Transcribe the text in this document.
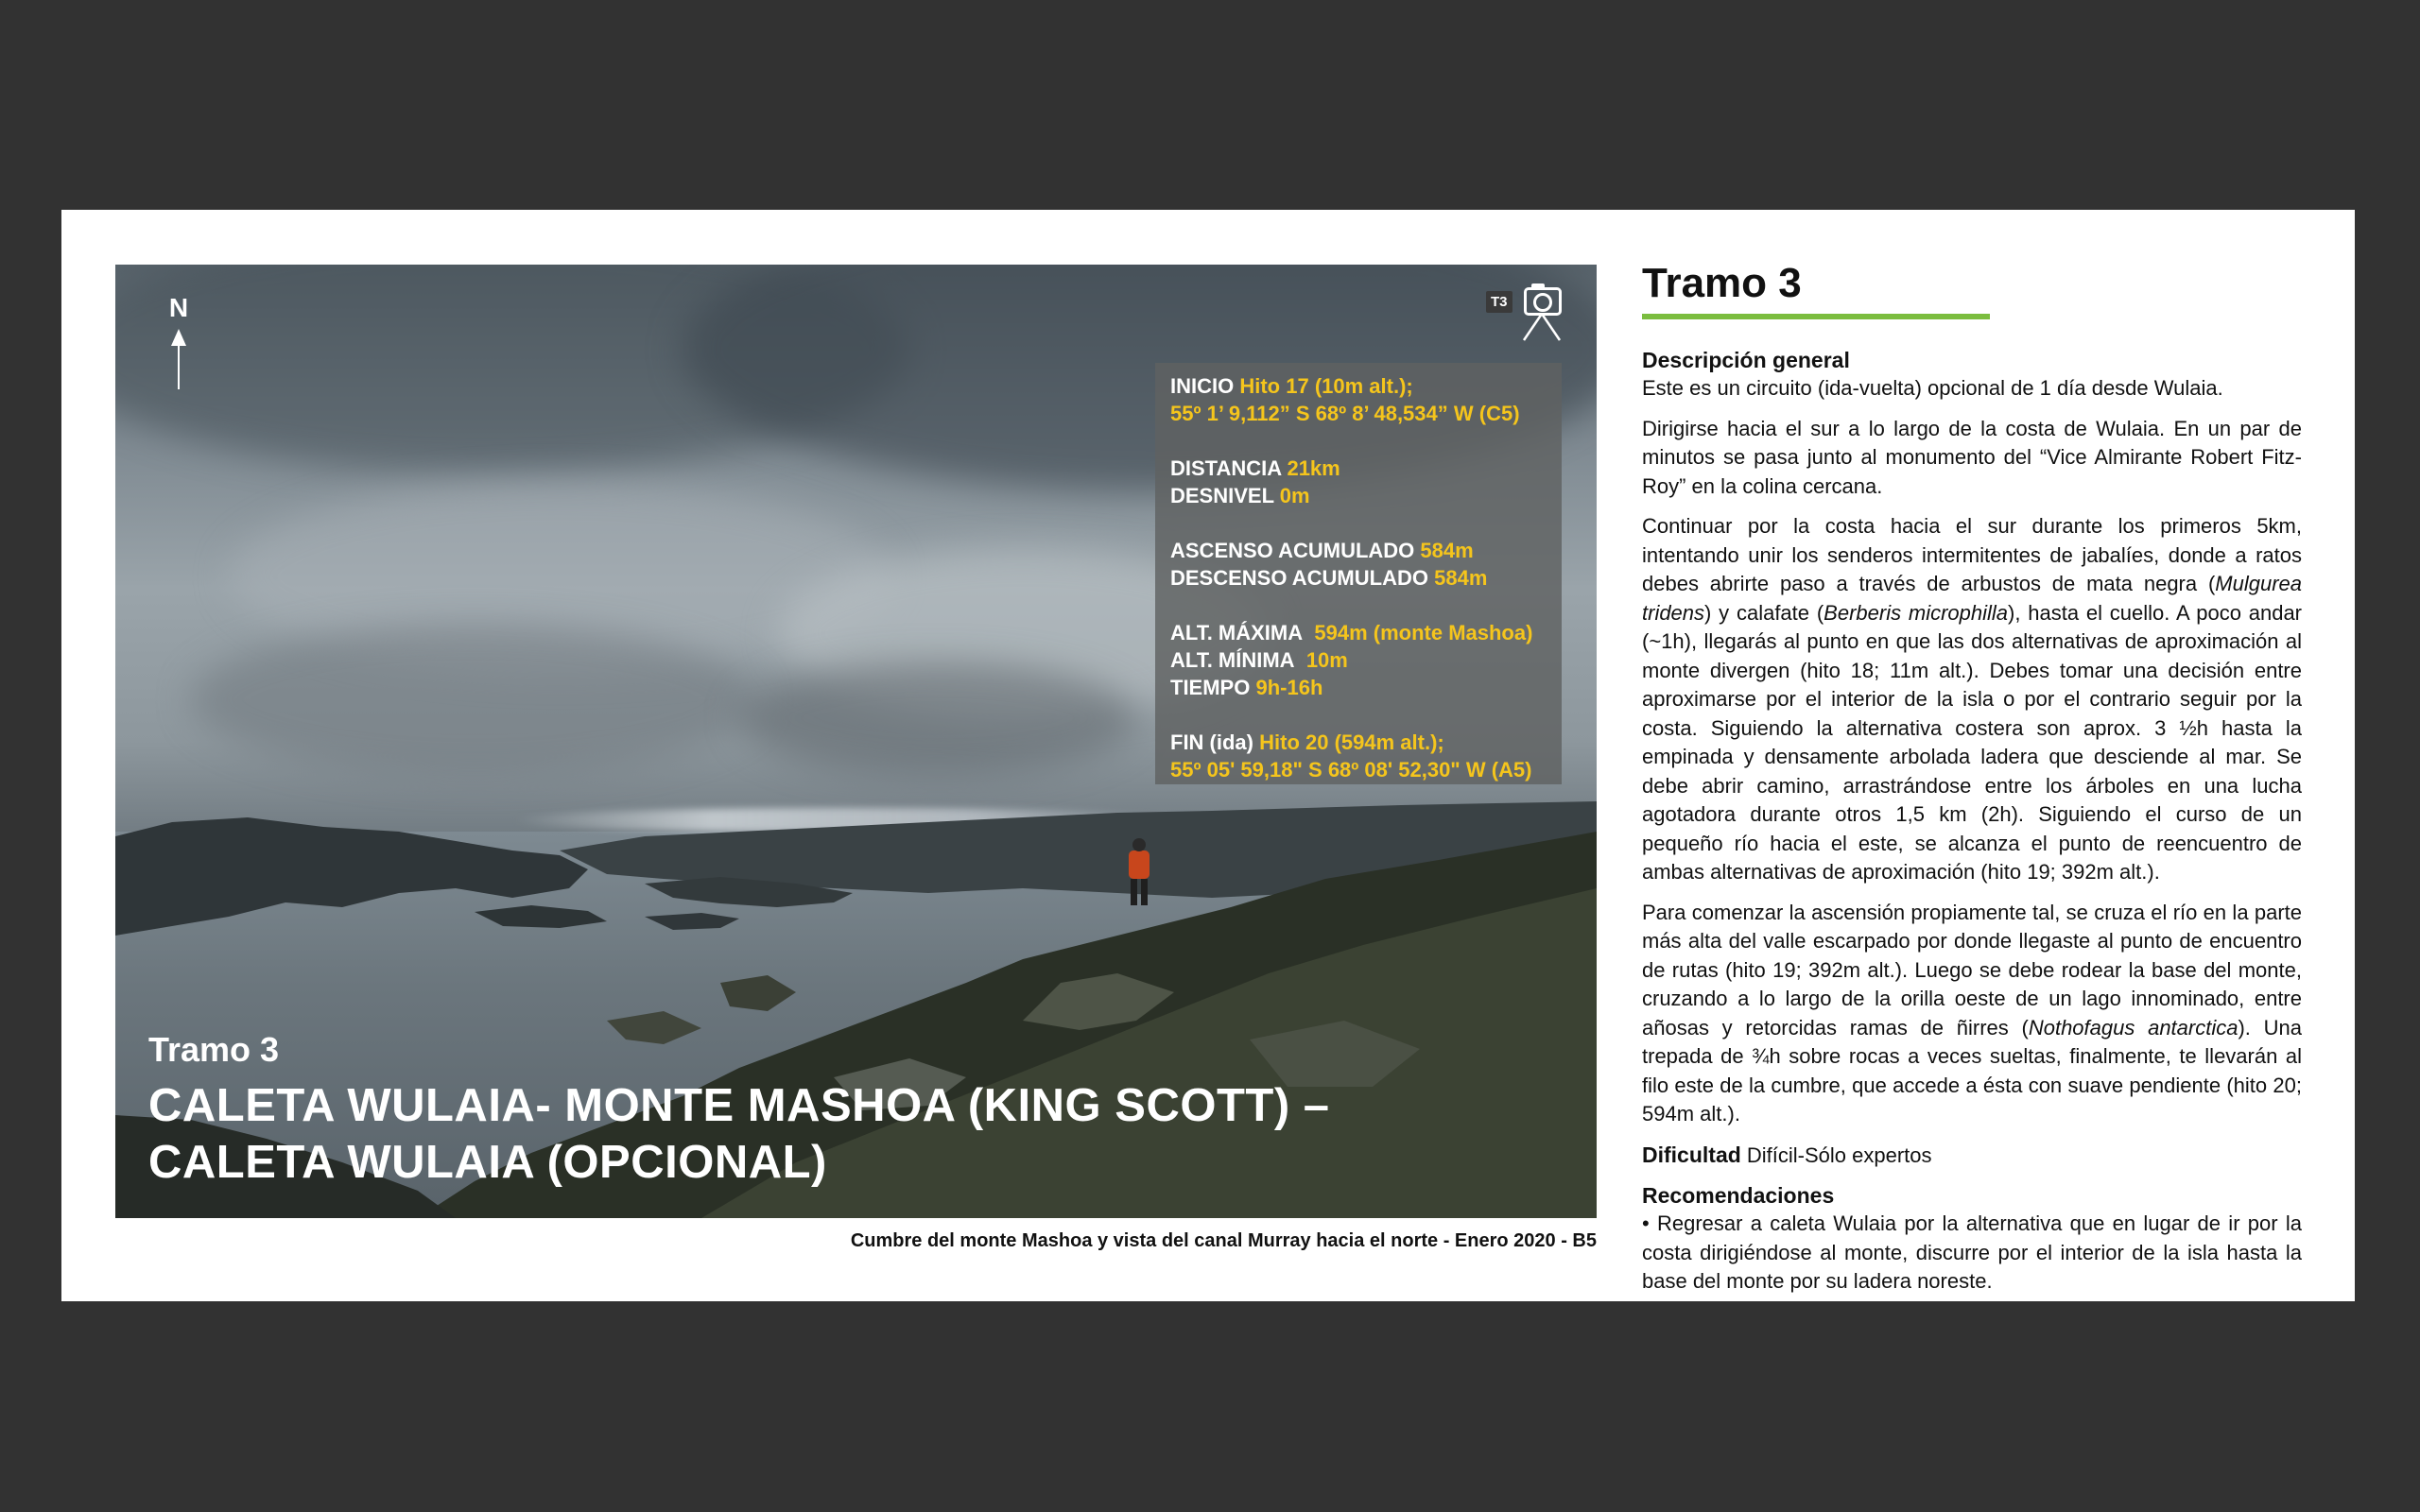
N	T3
INICIO Hito 17 (10m alt.);
55º 1’ 9,112” S 68º 8’ 48,534” W (C5)
DISTANCIA 21km
DESNIVEL 0m
ASCENSO ACUMULADO 584m
DESCENSO ACUMULADO 584m
ALT. MÁXIMA 594m (monte Mashoa)
ALT. MÍNIMA 10m
TIEMPO 9h-16h
FIN (ida) Hito 20 (594m alt.);
55º 05' 59,18" S 68º 08' 52,30" W (A5)
Tramo 3
CALETA WULAIA- MONTE MASHOA (KING SCOTT) –
CALETA WULAIA (OPCIONAL)
Cumbre del monte Mashoa y vista del canal Murray hacia el norte - Enero 2020 - B5
Tramo 3
Descripción general

Este es un circuito (ida-vuelta) opcional de 1 día desde Wulaia.

Dirigirse hacia el sur a lo largo de la costa de Wulaia. En un par de minutos se pasa junto al monumento del “Vice Almirante Robert Fitz-Roy” en la colina cercana.

Continuar por la costa hacia el sur durante los primeros 5km, intentando unir los senderos intermitentes de jabalíes, donde a ratos debes abrirte paso a través de arbustos de mata negra (Mulgurea tridens) y calafate (Berberis microphilla), hasta el cuello. A poco andar (~1h), llegarás al punto en que las dos alternativas de aproximación al monte divergen (hito 18; 11m alt.). Debes tomar una decisión entre aproximarse por el interior de la isla o por el contrario seguir por la costa. Siguiendo la alternativa costera son aprox. 3 ½h hasta la empinada y densamente arbolada ladera que desciende al mar. Se debe abrir camino, arrastrándose entre los árboles en una lucha agotadora durante otros 1,5 km (2h). Siguiendo el curso de un pequeño río hacia el este, se alcanza el punto de reencuentro de ambas alternativas de aproximación (hito 19; 392m alt.).

Para comenzar la ascensión propiamente tal, se cruza el río en la parte más alta del valle escarpado por donde llegaste al punto de encuentro de rutas (hito 19; 392m alt.). Luego se debe rodear la base del monte, cruzando a lo largo de la orilla oeste de un lago innominado, entre añosas y retorcidas ramas de ñirres (Nothofagus antarctica). Una trepada de ¾h sobre rocas a veces sueltas, finalmente, te llevarán al filo este de la cumbre, que accede a ésta con suave pendiente (hito 20; 594m alt.).

Dificultad Difícil-Sólo expertos

Recomendaciones

• Regresar a caleta Wulaia por la alternativa que en lugar de ir por la costa dirigiéndose al monte, discurre por el interior de la isla hasta la base del monte por su ladera noreste.
